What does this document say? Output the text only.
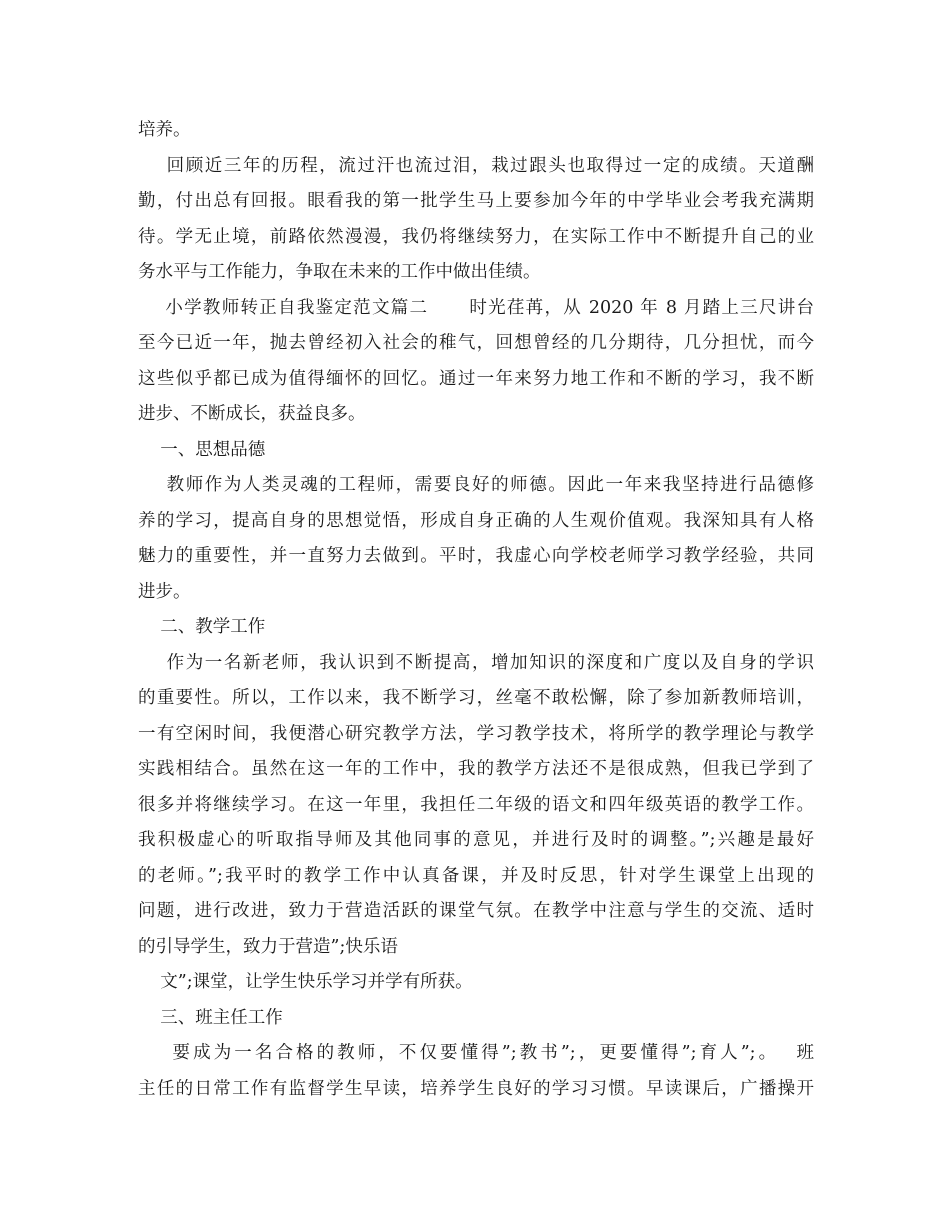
培养。
回顾近三年的历程，流过汗也流过泪，栽过跟头也取得过一定的成绩。天道酬
勤，付出总有回报。眼看我的第一批学生马上要参加今年的中学毕业会考我充满期
待。学无止境，前路依然漫漫，我仍将继续努力，在实际工作中不断提升自己的业
务水平与工作能力，争取在未来的工作中做出佳绩。
小学教师转正自我鉴定范文篇二      时光荏苒，从 2020 年 8 月踏上三尺讲台
至今已近一年，抛去曾经初入社会的稚气，回想曾经的几分期待，几分担忧，而今
这些似乎都已成为值得缅怀的回忆。通过一年来努力地工作和不断的学习，我不断
进步、不断成长，获益良多。
一、思想品德
教师作为人类灵魂的工程师，需要良好的师德。因此一年来我坚持进行品德修
养的学习，提高自身的思想觉悟，形成自身正确的人生观价值观。我深知具有人格
魅力的重要性，并一直努力去做到。平时，我虚心向学校老师学习教学经验，共同
进步。
二、教学工作
作为一名新老师，我认识到不断提高，增加知识的深度和广度以及自身的学识
的重要性。所以，工作以来，我不断学习，丝毫不敢松懈，除了参加新教师培训，
一有空闲时间，我便潜心研究教学方法，学习教学技术，将所学的教学理论与教学
实践相结合。虽然在这一年的工作中，我的教学方法还不是很成熟，但我已学到了
很多并将继续学习。在这一年里，我担任二年级的语文和四年级英语的教学工作。
我积极虚心的听取指导师及其他同事的意见，并进行及时的调整。”;兴趣是最好
的老师。”;我平时的教学工作中认真备课，并及时反思，针对学生课堂上出现的
问题，进行改进，致力于营造活跃的课堂气氛。在教学中注意与学生的交流、适时
的引导学生，致力于营造”;快乐语
文”;课堂，让学生快乐学习并学有所获。
三、班主任工作
要成为一名合格的教师，不仅要懂得”;教书”;，更要懂得”;育人”;。  班
主任的日常工作有监督学生早读，培养学生良好的学习习惯。早读课后，广播操开
